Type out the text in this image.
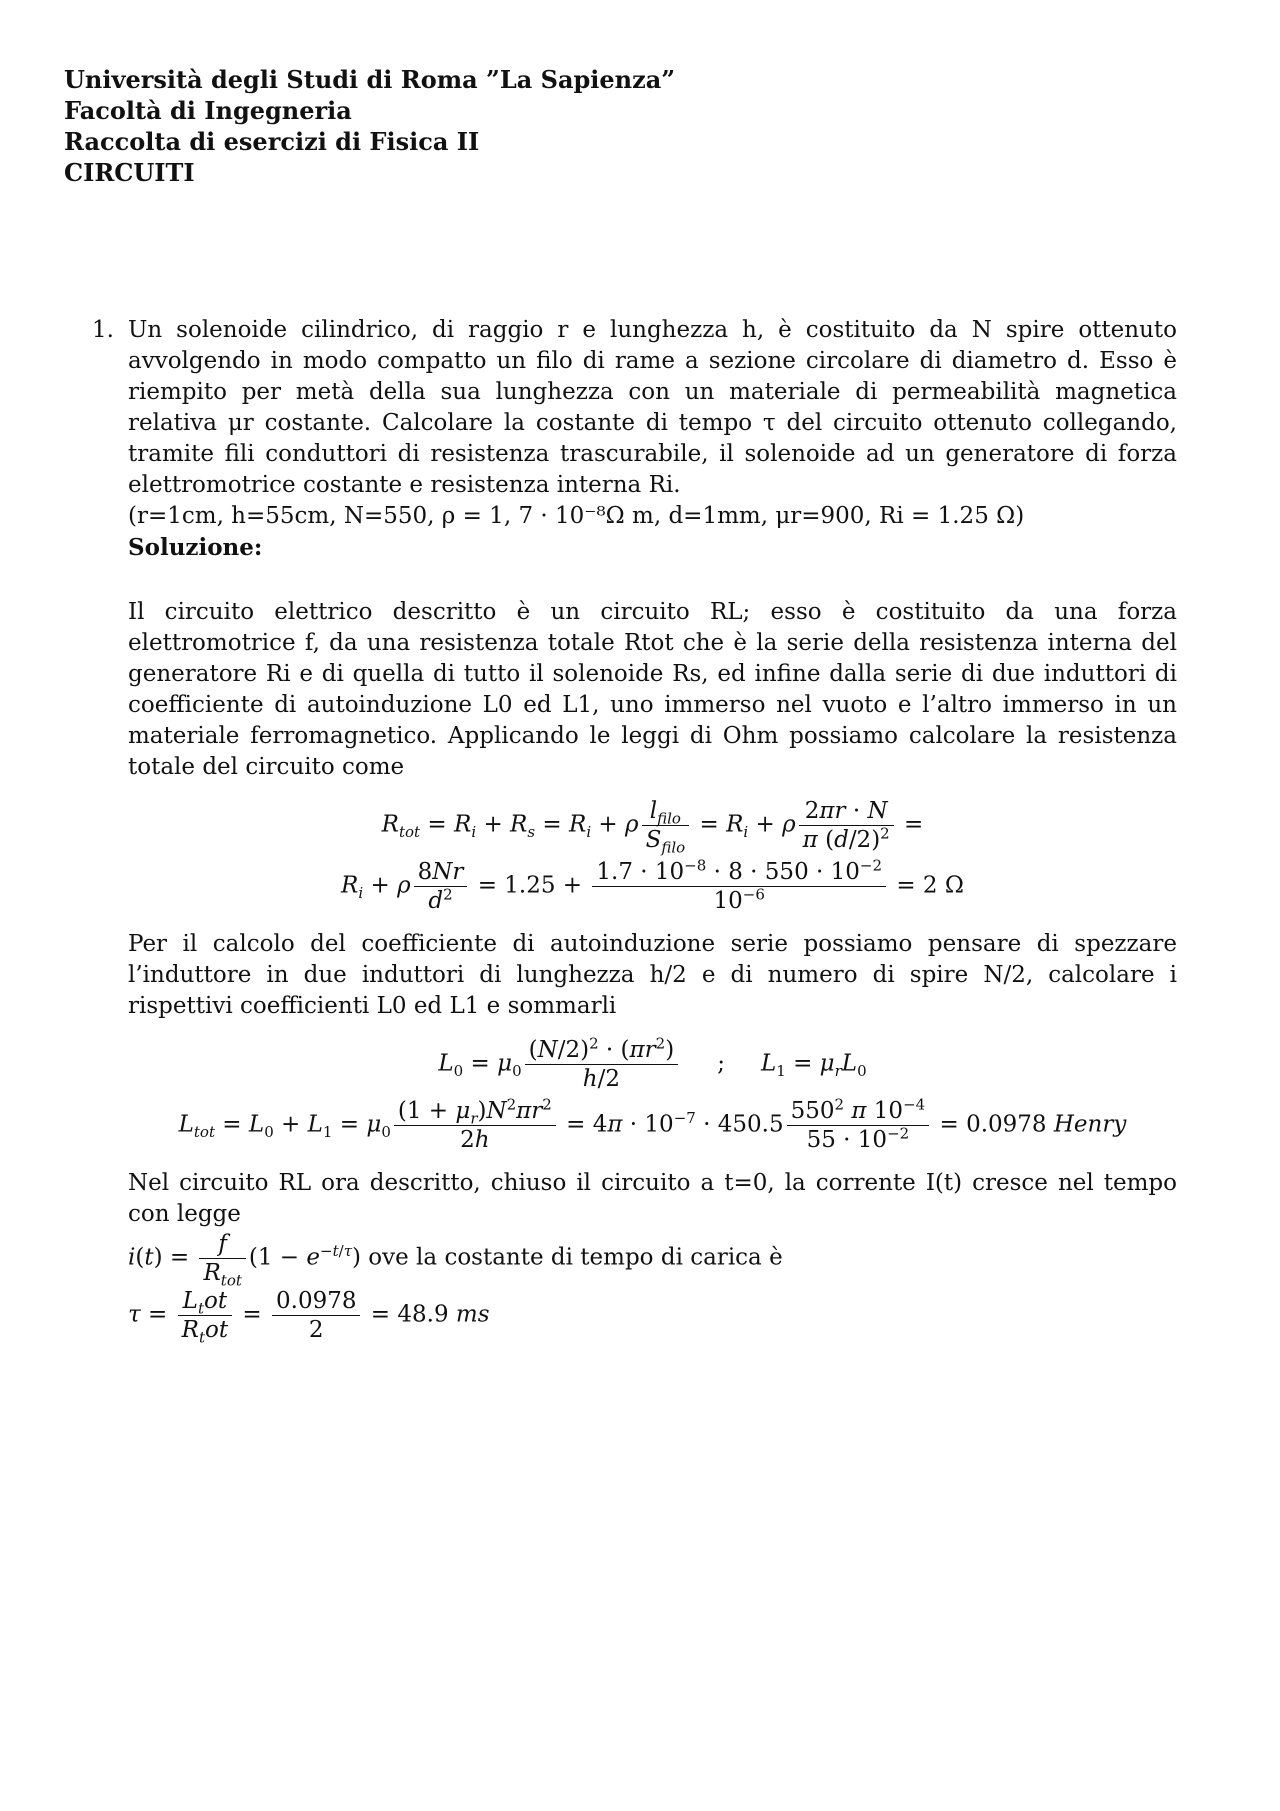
Università degli Studi di Roma ”La Sapienza”
Facoltà di Ingegneria
Raccolta di esercizi di Fisica II
CIRCUITI
1. Un solenoide cilindrico, di raggio r e lunghezza h, è costituito da N spire ottenuto avvolgendo in modo compatto un filo di rame a sezione circolare di diametro d. Esso è riempito per metà della sua lunghezza con un materiale di permeabilità magnetica relativa μr costante. Calcolare la costante di tempo τ del circuito ottenuto collegando, tramite fili conduttori di resistenza trascurabile, il solenoide ad un generatore di forza elettromotrice costante e resistenza interna Ri.

(r=1cm, h=55cm, N=550, ρ = 1, 7 · 10⁻⁸Ω m, d=1mm, μr=900, Ri = 1.25 Ω)

Soluzione:

Il circuito elettrico descritto è un circuito RL; esso è costituito da una forza elettromotrice f, da una resistenza totale Rtot che è la serie della resistenza interna del generatore Ri e di quella di tutto il solenoide Rs, ed infine dalla serie di due induttori di coefficiente di autoinduzione L0 ed L1, uno immerso nel vuoto e l’altro immerso in un materiale ferromagnetico. Applicando le leggi di Ohm possiamo calcolare la resistenza totale del circuito come

$R_{tot} = R_i + R_s = R_i + \rho \frac{l_{filo}}{S_{filo}} = R_i + \rho \frac{2\pi r \cdot N}{\pi (d/2)^2}$ =
$R_i + \rho \frac{8Nr}{d^2} = 1.25 + \frac{1.7 \cdot 10^{-8} \cdot 8 \cdot 550 \cdot 10^{-2}}{10^{-6}} = 2$ Ω

Per il calcolo del coefficiente di autoinduzione serie possiamo pensare di spezzare l’induttore in due induttori di lunghezza h/2 e di numero di spire N/2, calcolare i rispettivi coefficienti L0 ed L1 e sommarli

$L_0 = \mu_0 \frac{(N/2)^2 \cdot (\pi r^2)}{h/2}$ ; $L_1 = \mu_rL_0$
$L_{tot} = L_0 + L_1 = \mu_0 \frac{(1 + \mu_r)N^2\pi r^2}{2h} = 4\pi \cdot 10^{-7} \cdot 450.5 \frac{550^2 \pi 10^{-4}}{55 \cdot 10^{-2}} = 0.0978$ Henry

Nel circuito RL ora descritto, chiuso il circuito a t=0, la corrente I(t) cresce nel tempo con legge

$i(t) = \frac{f}{R_{tot}} (1 - e^{-t/\tau})$ ove la costante di tempo di carica è
$\tau = \frac{L_tot}{R_tot} = \frac{0.0978}{2} = 48.9$ ms
